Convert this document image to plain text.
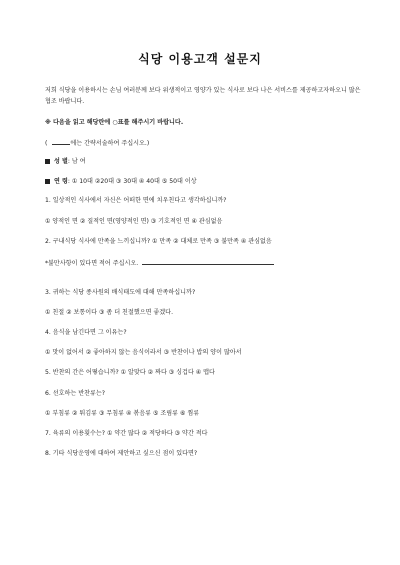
식당 이용고객 설문지
저희 식당을 이용하시는 손님 여러분께 보다 위생적이고 영양가 있는 식사로 보다 나은 서비스를 제공하고자하오니 많은 협조 바랍니다.
※ 다음을 읽고 해당란에 ○표를 해주시기 바랍니다.
(	에는 간략서술하여 주십시오.)
성 별: 남 여
연 령: ① 10대 ②20대 ③ 30대 ④ 40대 ⑤ 50대 이상
1. 일상적인 식사에서 자신은 어떠한 면에 치우친다고 생각하십니까?
① 양적인 면 ② 질적인 면(영양적인 면) ③ 기호적인 면 ④ 관심없음
2. 구내식당 식사에 만족을 느끼십니까? ① 만족 ② 대체로 만족 ③ 불만족 ④ 관심없음
*불만사항이 있다면 적어 주십시오.
3. 귀하는 식당 종사원의 배식태도에 대해 만족하십니까?
① 친절 ② 보통이다 ③ 좀 더 친절했으면 좋겠다.
4. 음식을 남긴다면 그 이유는?
① 맛이 없어서 ② 좋아하지 않는 음식이라서 ③ 반찬이나 밥의 양이 많아서
5. 반찬의 간은 어떻습니까? ① 알맞다 ② 짜다 ③ 싱겁다 ④ 맵다
6. 선호하는 반찬류는?
① 부침류 ② 튀김류 ③ 무침류 ④ 볶음류 ⑤ 조림류 ⑥ 찜류
7. 육류의 이용횟수는? ① 약간 많다 ② 적당하다 ③ 약간 적다
8. 기타 식당운영에 대하여 제안하고 싶으신 점이 있다면?
